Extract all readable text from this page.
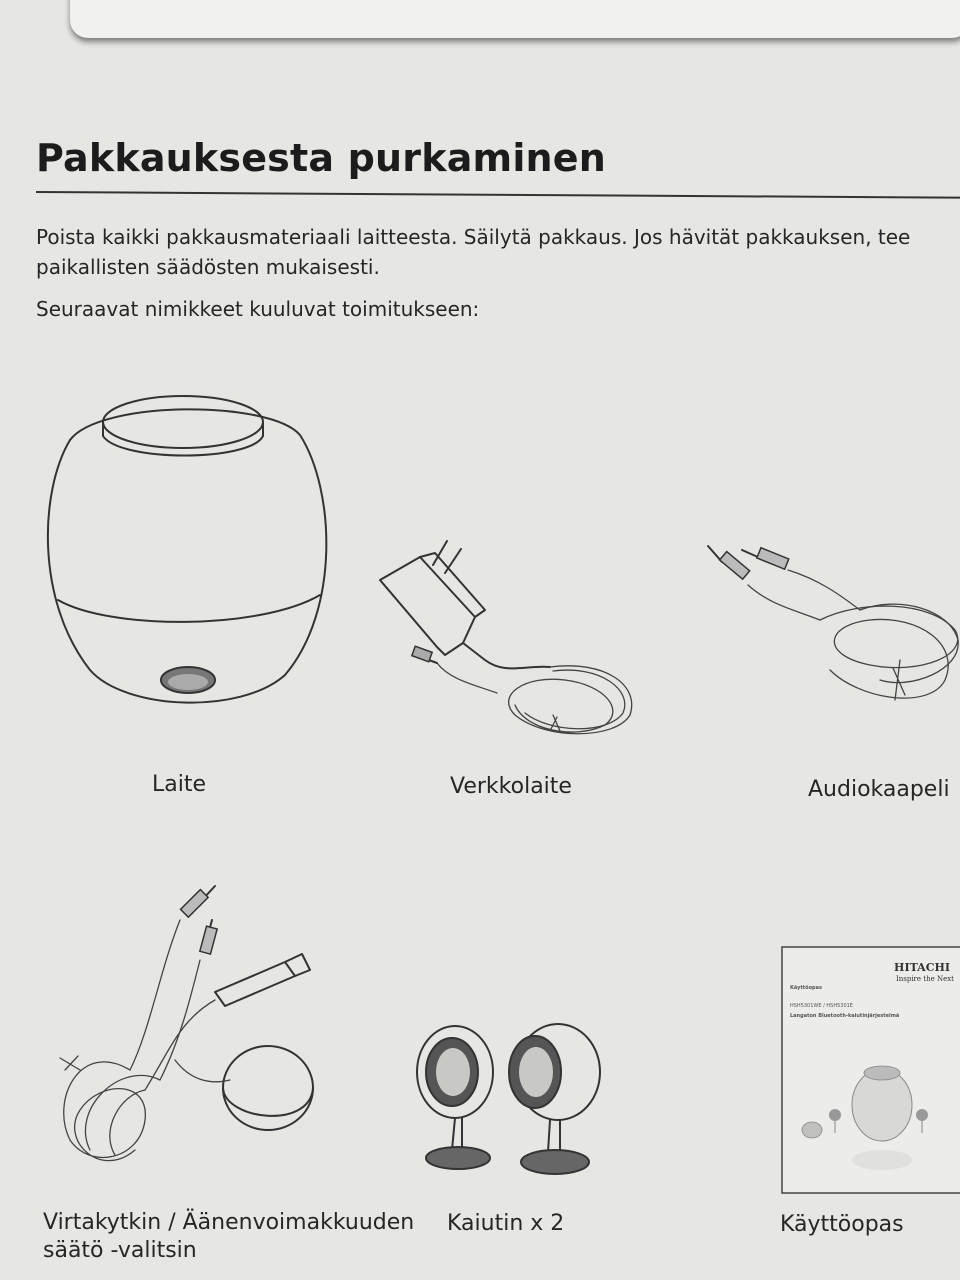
Pakkauksesta purkaminen
Poista kaikki pakkausmateriaali laitteesta. Säilytä pakkaus. Jos hävität pakkauksen, tee
paikallisten säädösten mukaisesti.
Seuraavat nimikkeet kuuluvat toimitukseen:
Laite	Verkkolaite	Audiokaapeli
Virtakytkin / Äänenvoimakkuuden
säätö -valitsin
Kaiutin x 2
HITACHI
Inspire the Next
Käyttöopas
HSH5301WE / HSH5301E
Langaton Bluetooth-kaiutinjärjestelmä
Käyttöopas
